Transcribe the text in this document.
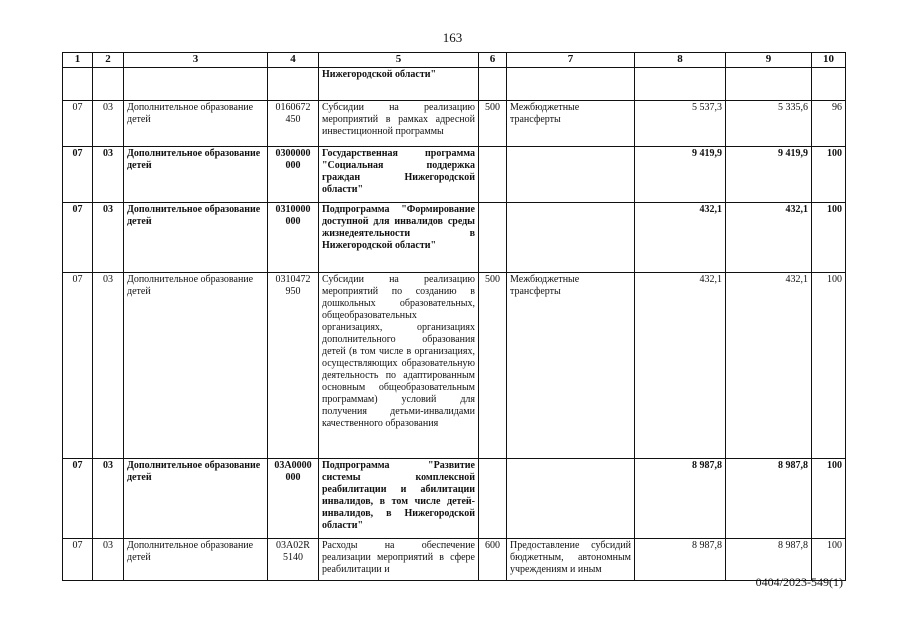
163
1	2	3	4	5	6	7	8	9	10
				Нижегородской области"					
07	03	Дополнительное образование детей	0160672 450	Субсидии на реализацию мероприятий в рамках адресной инвестиционной программы	500	Межбюджетные трансферты	5 537,3	5 335,6	96
07	03	Дополнительное образование детей	0300000 000	Государственная программа "Социальная поддержка граждан Нижегородской области"			9 419,9	9 419,9	100
07	03	Дополнительное образование детей	0310000 000	Подпрограмма "Формирование доступной для инвалидов среды жизнедеятельности в Нижегородской области"			432,1	432,1	100
07	03	Дополнительное образование детей	0310472 950	Субсидии на реализацию мероприятий по созданию в дошкольных образовательных, общеобразовательных организациях, организациях дополнительного образования детей (в том числе в организациях, осуществляющих образовательную деятельность по адаптированным основным общеобразовательным программам) условий для получения детьми-инвалидами качественного образования	500	Межбюджетные трансферты	432,1	432,1	100
07	03	Дополнительное образование детей	03А0000 000	Подпрограмма "Развитие системы комплексной реабилитации и абилитации инвалидов, в том числе детей-инвалидов, в Нижегородской области"			8 987,8	8 987,8	100
07	03	Дополнительное образование детей	03А02R 5140	Расходы на обеспечение реализации мероприятий в сфере реабилитации и	600	Предоставление субсидий бюджетным, автономным учреждениям и иным	8 987,8	8 987,8	100
0404/2023-549(1)
